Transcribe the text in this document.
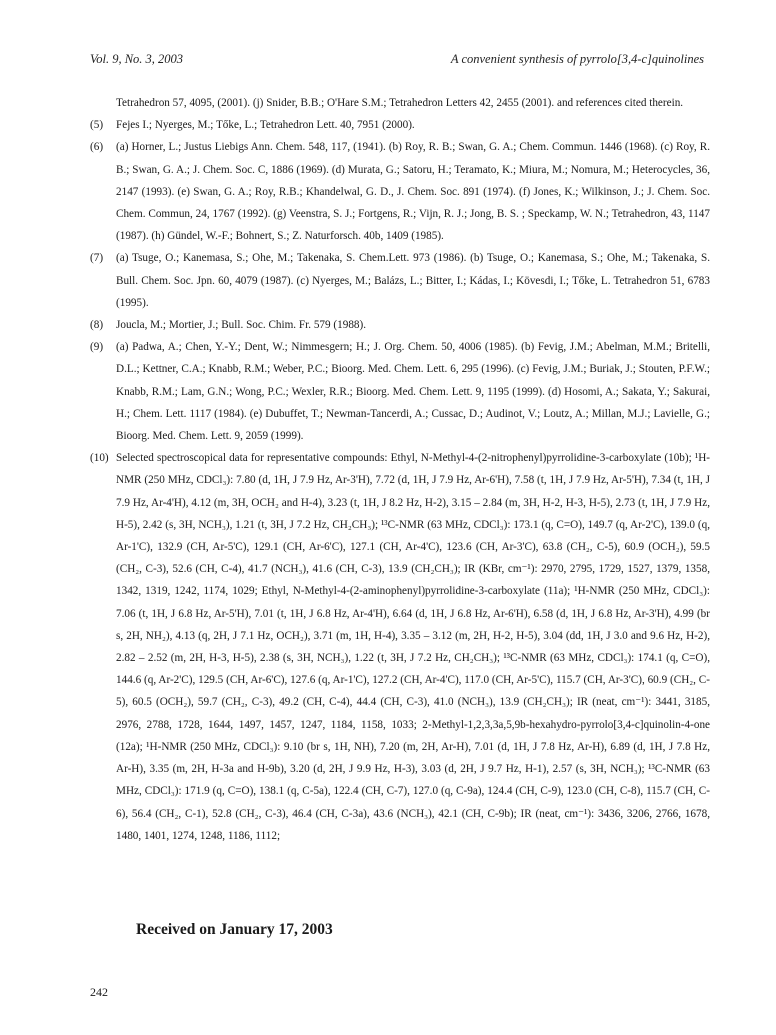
Vol. 9, No. 3, 2003	A convenient synthesis of pyrrolo[3,4-c]quinolines
Tetrahedron 57, 4095, (2001). (j) Snider, B.B.; O'Hare S.M.; Tetrahedron Letters 42, 2455 (2001). and references cited therein.
(5)	Fejes I.; Nyerges, M.; Tőke, L.; Tetrahedron Lett. 40, 7951 (2000).
(6)	(a) Horner, L.; Justus Liebigs Ann. Chem. 548, 117, (1941). (b) Roy, R. B.; Swan, G. A.; Chem. Commun. 1446 (1968). (c) Roy, R. B.; Swan, G. A.; J. Chem. Soc. C, 1886 (1969). (d) Murata, G.; Satoru, H.; Teramato, K.; Miura, M.; Nomura, M.; Heterocycles, 36, 2147 (1993). (e) Swan, G. A.; Roy, R.B.; Khandelwal, G. D., J. Chem. Soc. 891 (1974). (f) Jones, K.; Wilkinson, J.; J. Chem. Soc. Chem. Commun, 24, 1767 (1992). (g) Veenstra, S. J.; Fortgens, R.; Vijn, R. J.; Jong, B. S. ; Speckamp, W. N.; Tetrahedron, 43, 1147 (1987). (h) Gündel, W.-F.; Bohnert, S.; Z. Naturforsch. 40b, 1409 (1985).
(7)	(a) Tsuge, O.; Kanemasa, S.; Ohe, M.; Takenaka, S. Chem.Lett. 973 (1986). (b) Tsuge, O.; Kanemasa, S.; Ohe, M.; Takenaka, S. Bull. Chem. Soc. Jpn. 60, 4079 (1987). (c) Nyerges, M.; Balázs, L.; Bitter, I.; Kádas, I.; Kövesdi, I.; Tőke, L. Tetrahedron 51, 6783 (1995).
(8)	Joucla, M.; Mortier, J.; Bull. Soc. Chim. Fr. 579 (1988).
(9)	(a) Padwa, A.; Chen, Y.-Y.; Dent, W.; Nimmesgern; H.; J. Org. Chem. 50, 4006 (1985). (b) Fevig, J.M.; Abelman, M.M.; Britelli, D.L.; Kettner, C.A.; Knabb, R.M.; Weber, P.C.; Bioorg. Med. Chem. Lett. 6, 295 (1996). (c) Fevig, J.M.; Buriak, J.; Stouten, P.F.W.; Knabb, R.M.; Lam, G.N.; Wong, P.C.; Wexler, R.R.; Bioorg. Med. Chem. Lett. 9, 1195 (1999). (d) Hosomi, A.; Sakata, Y.; Sakurai, H.; Chem. Lett. 1117 (1984). (e) Dubuffet, T.; Newman-Tancerdi, A.; Cussac, D.; Audinot, V.; Loutz, A.; Millan, M.J.; Lavielle, G.; Bioorg. Med. Chem. Lett. 9, 2059 (1999).
(10) Selected spectroscopical data for representative compounds: Ethyl, N-Methyl-4-(2-nitrophenyl)pyrrolidine-3-carboxylate (10b); ¹H-NMR (250 MHz, CDCl₃): 7.80 (d, 1H, J 7.9 Hz, Ar-3'H), 7.72 (d, 1H, J 7.9 Hz, Ar-6'H), 7.58 (t, 1H, J 7.9 Hz, Ar-5'H), 7.34 (t, 1H, J 7.9 Hz, Ar-4'H), 4.12 (m, 3H, OCH₂ and H-4), 3.23 (t, 1H, J 8.2 Hz, H-2), 3.15 – 2.84 (m, 3H, H-2, H-3, H-5), 2.73 (t, 1H, J 7.9 Hz, H-5), 2.42 (s, 3H, NCH₃), 1.21 (t, 3H, J 7.2 Hz, CH₂CH₃); ¹³C-NMR (63 MHz, CDCl₃): 173.1 (q, C=O), 149.7 (q, Ar-2'C), 139.0 (q, Ar-1'C), 132.9 (CH, Ar-5'C), 129.1 (CH, Ar-6'C), 127.1 (CH, Ar-4'C), 123.6 (CH, Ar-3'C), 63.8 (CH₂, C-5), 60.9 (OCH₂), 59.5 (CH₂, C-3), 52.6 (CH, C-4), 41.7 (NCH₃), 41.6 (CH, C-3), 13.9 (CH₂CH₃); IR (KBr, cm⁻¹): 2970, 2795, 1729, 1527, 1379, 1358, 1342, 1319, 1242, 1174, 1029; Ethyl, N-Methyl-4-(2-aminophenyl)pyrrolidine-3-carboxylate (11a); ¹H-NMR (250 MHz, CDCl₃): 7.06 (t, 1H, J 6.8 Hz, Ar-5'H), 7.01 (t, 1H, J 6.8 Hz, Ar-4'H), 6.64 (d, 1H, J 6.8 Hz, Ar-6'H), 6.58 (d, 1H, J 6.8 Hz, Ar-3'H), 4.99 (br s, 2H, NH₂), 4.13 (q, 2H, J 7.1 Hz, OCH₂), 3.71 (m, 1H, H-4), 3.35 – 3.12 (m, 2H, H-2, H-5), 3.04 (dd, 1H, J 3.0 and 9.6 Hz, H-2), 2.82 – 2.52 (m, 2H, H-3, H-5), 2.38 (s, 3H, NCH₃), 1.22 (t, 3H, J 7.2 Hz, CH₂CH₃); ¹³C-NMR (63 MHz, CDCl₃): 174.1 (q, C=O), 144.6 (q, Ar-2'C), 129.5 (CH, Ar-6'C), 127.6 (q, Ar-1'C), 127.2 (CH, Ar-4'C), 117.0 (CH, Ar-5'C), 115.7 (CH, Ar-3'C), 60.9 (CH₂, C-5), 60.5 (OCH₂), 59.7 (CH₂, C-3), 49.2 (CH, C-4), 44.4 (CH, C-3), 41.0 (NCH₃), 13.9 (CH₂CH₃); IR (neat, cm⁻¹): 3441, 3185, 2976, 2788, 1728, 1644, 1497, 1457, 1247, 1184, 1158, 1033; 2-Methyl-1,2,3,3a,5,9b-hexahydro-pyrrolo[3,4-c]quinolin-4-one (12a); ¹H-NMR (250 MHz, CDCl₃): 9.10 (br s, 1H, NH), 7.20 (m, 2H, Ar-H), 7.01 (d, 1H, J 7.8 Hz, Ar-H), 6.89 (d, 1H, J 7.8 Hz, Ar-H), 3.35 (m, 2H, H-3a and H-9b), 3.20 (d, 2H, J 9.9 Hz, H-3), 3.03 (d, 2H, J 9.7 Hz, H-1), 2.57 (s, 3H, NCH₃); ¹³C-NMR (63 MHz, CDCl₃): 171.9 (q, C=O), 138.1 (q, C-5a), 122.4 (CH, C-7), 127.0 (q, C-9a), 124.4 (CH, C-9), 123.0 (CH, C-8), 115.7 (CH, C-6), 56.4 (CH₂, C-1), 52.8 (CH₂, C-3), 46.4 (CH, C-3a), 43.6 (NCH₃), 42.1 (CH, C-9b); IR (neat, cm⁻¹): 3436, 3206, 2766, 1678, 1480, 1401, 1274, 1248, 1186, 1112;
Received on January 17, 2003
242
